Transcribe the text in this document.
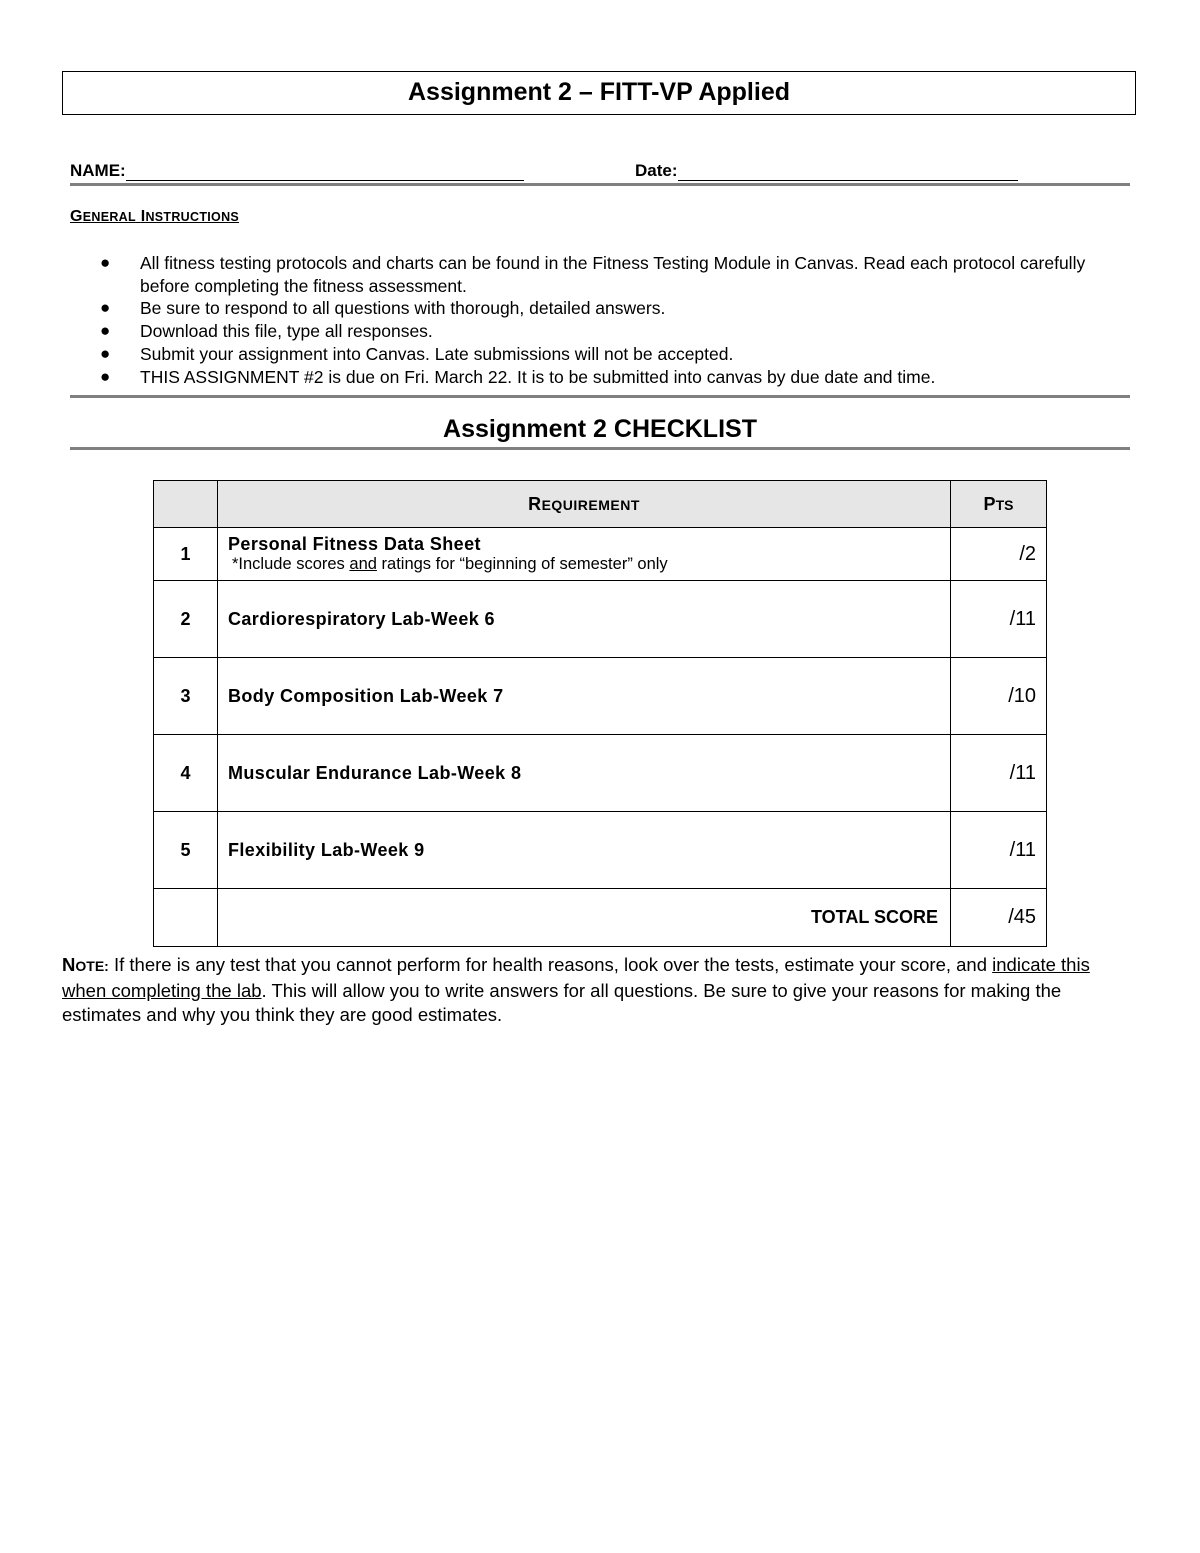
Assignment 2 – FITT-VP Applied
NAME:	Date:
GENERAL INSTRUCTIONS
● All fitness testing protocols and charts can be found in the Fitness Testing Module in Canvas. Read each protocol carefully before completing the fitness assessment.
● Be sure to respond to all questions with thorough, detailed answers.
● Download this file, type all responses.
● Submit your assignment into Canvas. Late submissions will not be accepted.
● THIS ASSIGNMENT #2 is due on Fri. March 22. It is to be submitted into canvas by due date and time.
Assignment 2 CHECKLIST
	REQUIREMENT	PTS
1	Personal Fitness Data Sheet
*Include scores and ratings for “beginning of semester” only	/2
2	Cardiorespiratory Lab-Week 6	/11
3	Body Composition Lab-Week 7	/10
4	Muscular Endurance Lab-Week 8	/11
5	Flexibility Lab-Week 9	/11
	TOTAL SCORE	/45
NOTE: If there is any test that you cannot perform for health reasons, look over the tests, estimate your score, and indicate this when completing the lab. This will allow you to write answers for all questions. Be sure to give your reasons for making the estimates and why you think they are good estimates.
